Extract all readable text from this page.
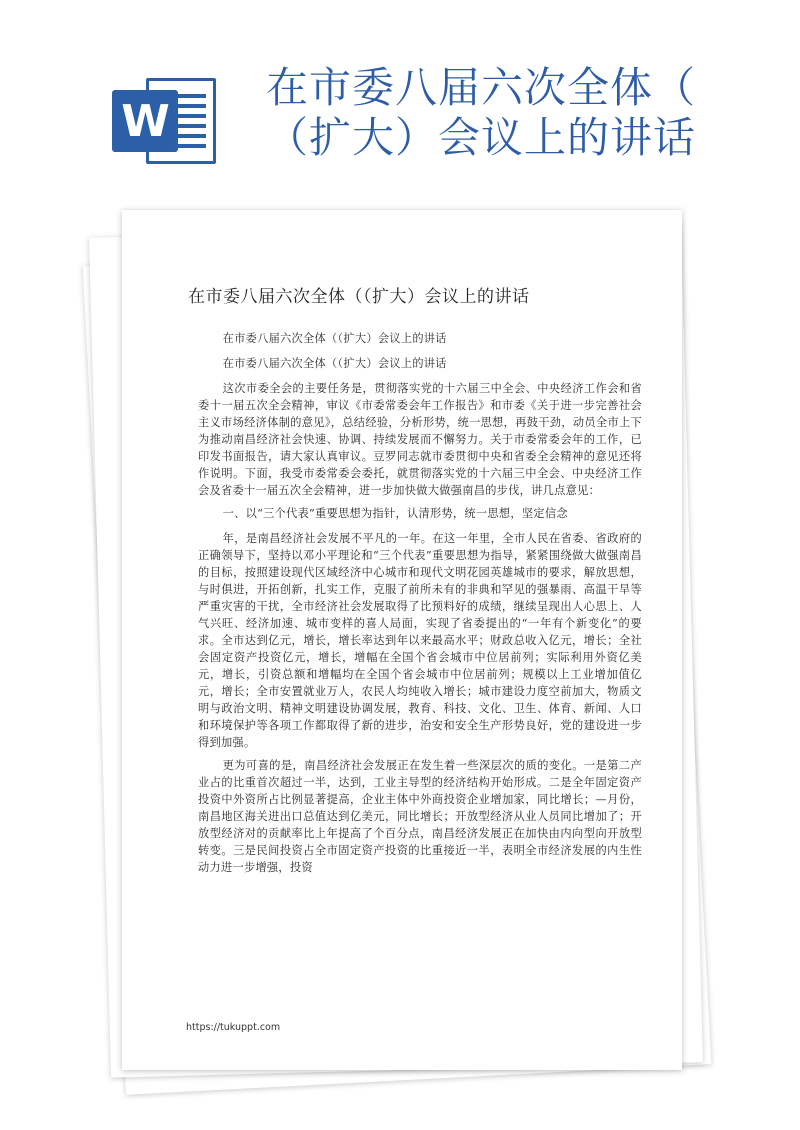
W
在市委八届六次全体（
（扩大）会议上的讲话
在市委八届六次全体（（扩大）会议上的讲话

在市委八届六次全体（（扩大）会议上的讲话

在市委八届六次全体（（扩大）会议上的讲话

这次市委全会的主要任务是，贯彻落实党的十六届三中全会、中央经济工作会和省委十一届五次全会精神，审议《市委常委会年工作报告》和市委《关于进一步完善社会主义市场经济体制的意见》，总结经验，分析形势，统一思想，再鼓干劲，动员全市上下为推动南昌经济社会快速、协调、持续发展而不懈努力。关于市委常委会年的工作，已印发书面报告，请大家认真审议。豆罗同志就市委贯彻中央和省委全会精神的意见还将作说明。下面，我受市委常委会委托，就贯彻落实党的十六届三中全会、中央经济工作会及省委十一届五次全会精神，进一步加快做大做强南昌的步伐，讲几点意见：

一、以“三个代表”重要思想为指针，认清形势，统一思想，坚定信念

年，是南昌经济社会发展不平凡的一年。在这一年里，全市人民在省委、省政府的正确领导下，坚持以邓小平理论和“三个代表”重要思想为指导，紧紧围绕做大做强南昌的目标，按照建设现代区域经济中心城市和现代文明花园英雄城市的要求，解放思想，与时俱进，开拓创新，扎实工作，克服了前所未有的非典和罕见的强暴雨、高温干旱等严重灾害的干扰，全市经济社会发展取得了比预料好的成绩，继续呈现出人心思上、人气兴旺、经济加速、城市变样的喜人局面，实现了省委提出的“一年有个新变化”的要求。全市达到亿元，增长，增长率达到年以来最高水平；财政总收入亿元，增长；全社会固定资产投资亿元，增长，增幅在全国个省会城市中位居前列；实际利用外资亿美元，增长，引资总额和增幅均在全国个省会城市中位居前列；规模以上工业增加值亿元，增长；全市安置就业万人，农民人均纯收入增长；城市建设力度空前加大，物质文明与政治文明、精神文明建设协调发展，教育、科技、文化、卫生、体育、新闻、人口和环境保护等各项工作都取得了新的进步，治安和安全生产形势良好，党的建设进一步得到加强。

更为可喜的是，南昌经济社会发展正在发生着一些深层次的质的变化。一是第二产业占的比重首次超过一半，达到，工业主导型的经济结构开始形成。二是全年固定资产投资中外资所占比例显著提高，企业主体中外商投资企业增加家，同比增长；—月份，南昌地区海关进出口总值达到亿美元，同比增长；开放型经济从业人员同比增加了；开放型经济对的贡献率比上年提高了个百分点，南昌经济发展正在加快由内向型向开放型转变。三是民间投资占全市固定资产投资的比重接近一半，表明全市经济发展的内生性动力进一步增强，投资

https://tukuppt.com
